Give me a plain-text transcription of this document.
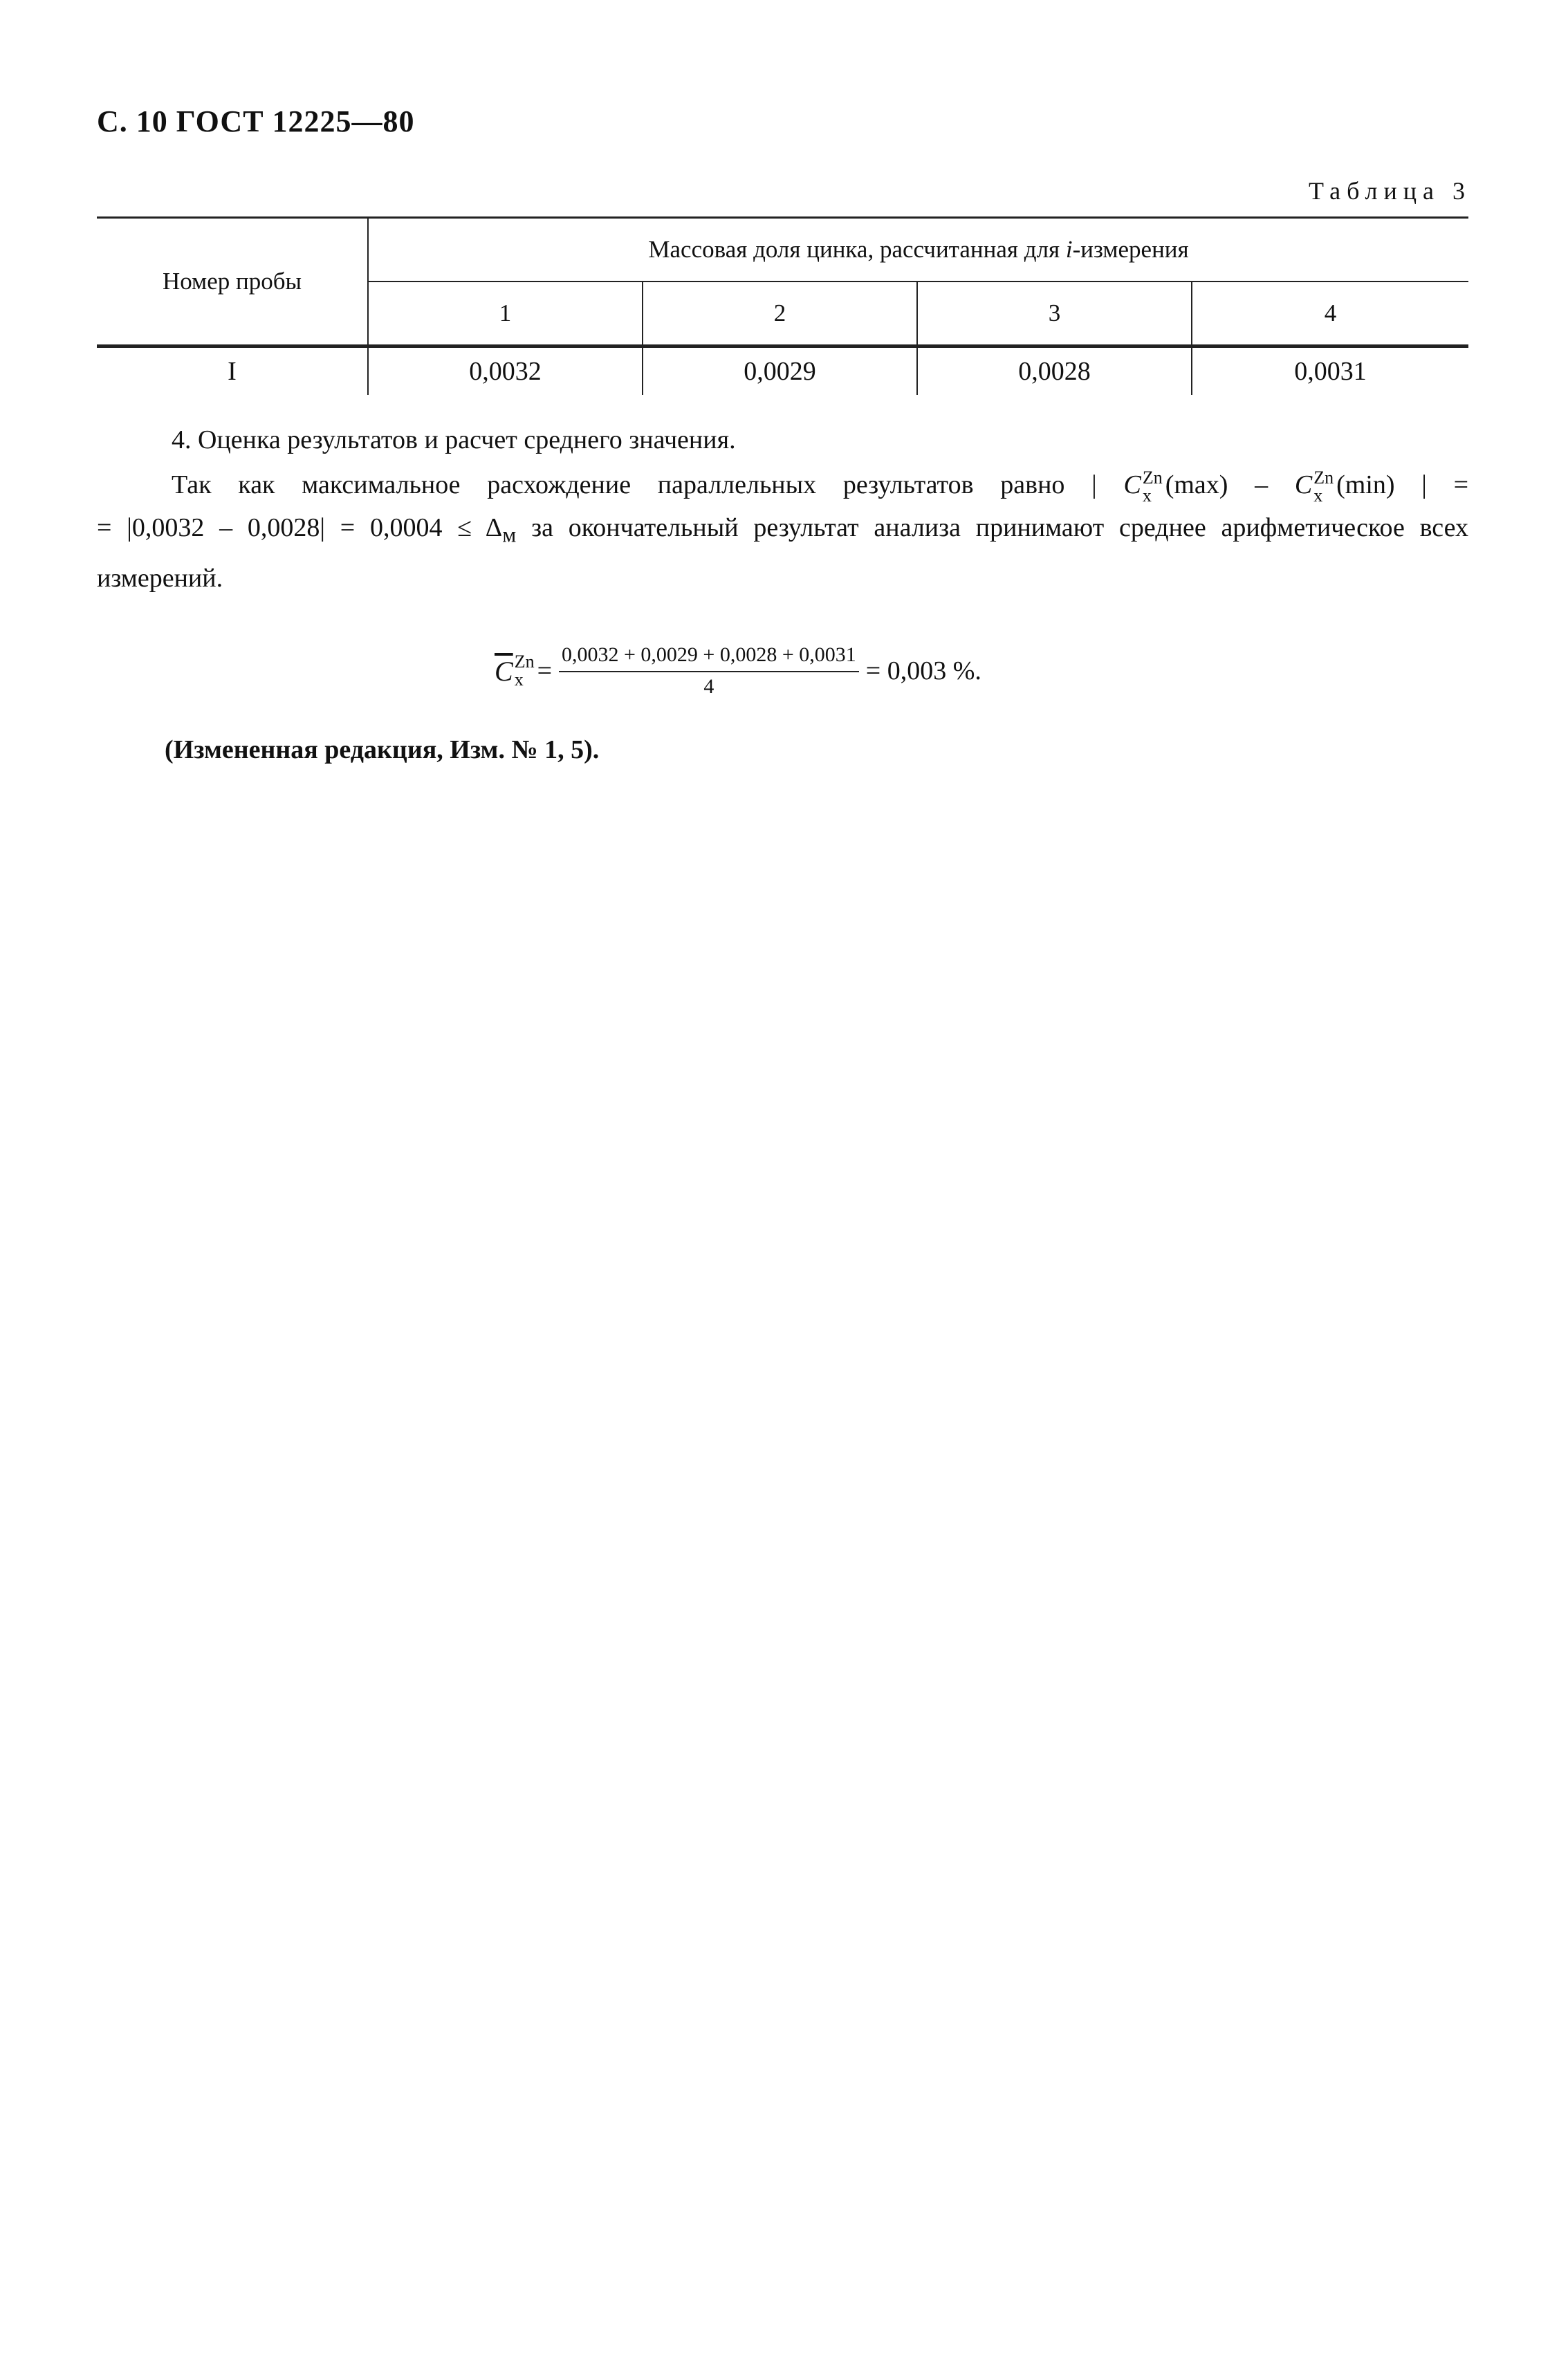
С. 10 ГОСТ 12225—80
Таблица 3
Номер пробы	Массовая доля цинка, рассчитанная для i-измерения			
	1	2	3	4
I	0,0032	0,0029	0,0028	0,0031
4. Оценка результатов и расчет среднего значения.
Так как максимальное расхождение параллельных результатов равно | C Zn
x (max) – C Zn
x (min) | =
= $|0,0032 - 0,0028| = 0,0004 \le \Delta_м$ за окончательный результат анализа принимают среднее арифметическое всех
измерений.
$\overline{C}$ Zn
$x = \frac{0,0032 + 0,0029 + 0,0028 + 0,0031}{4} = 0,003$ %.
(Измененная редакция, Изм. № 1, 5).
